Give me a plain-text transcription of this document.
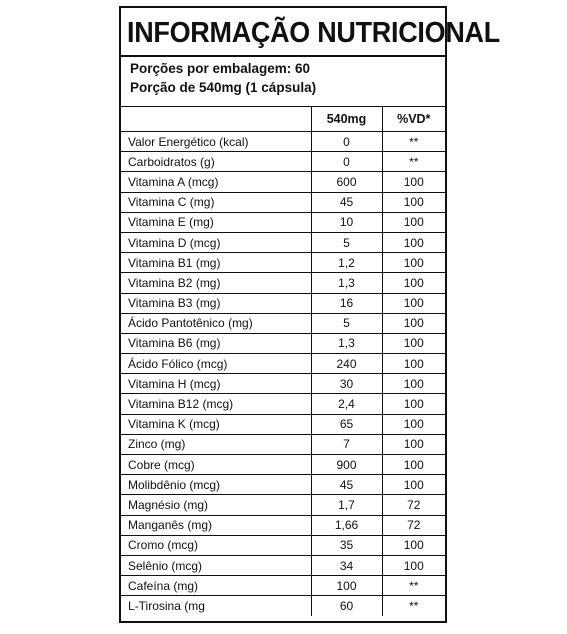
INFORMAÇÃO NUTRICIONAL
Porções por embalagem: 60
Porção de 540mg (1 cápsula)
	540mg	%VD*
Valor Energético (kcal)	0	**
Carboidratos (g)	0	**
Vitamina A (mcg)	600	100
Vitamina C (mg)	45	100
Vitamina E (mg)	10	100
Vitamina D (mcg)	5	100
Vitamina B1 (mg)	1,2	100
Vitamina B2 (mg)	1,3	100
Vitamina B3 (mg)	16	100
Ácido Pantotênico (mg)	5	100
Vitamina B6 (mg)	1,3	100
Ácido Fólico (mcg)	240	100
Vitamina H (mcg)	30	100
Vitamina B12 (mcg)	2,4	100
Vitamina K (mcg)	65	100
Zinco (mg)	7	100
Cobre (mcg)	900	100
Molibdênio (mcg)	45	100
Magnésio (mg)	1,7	72
Manganês (mg)	1,66	72
Cromo (mcg)	35	100
Selênio (mcg)	34	100
Cafeína (mg)	100	**
L-Tirosina (mg	60	**
